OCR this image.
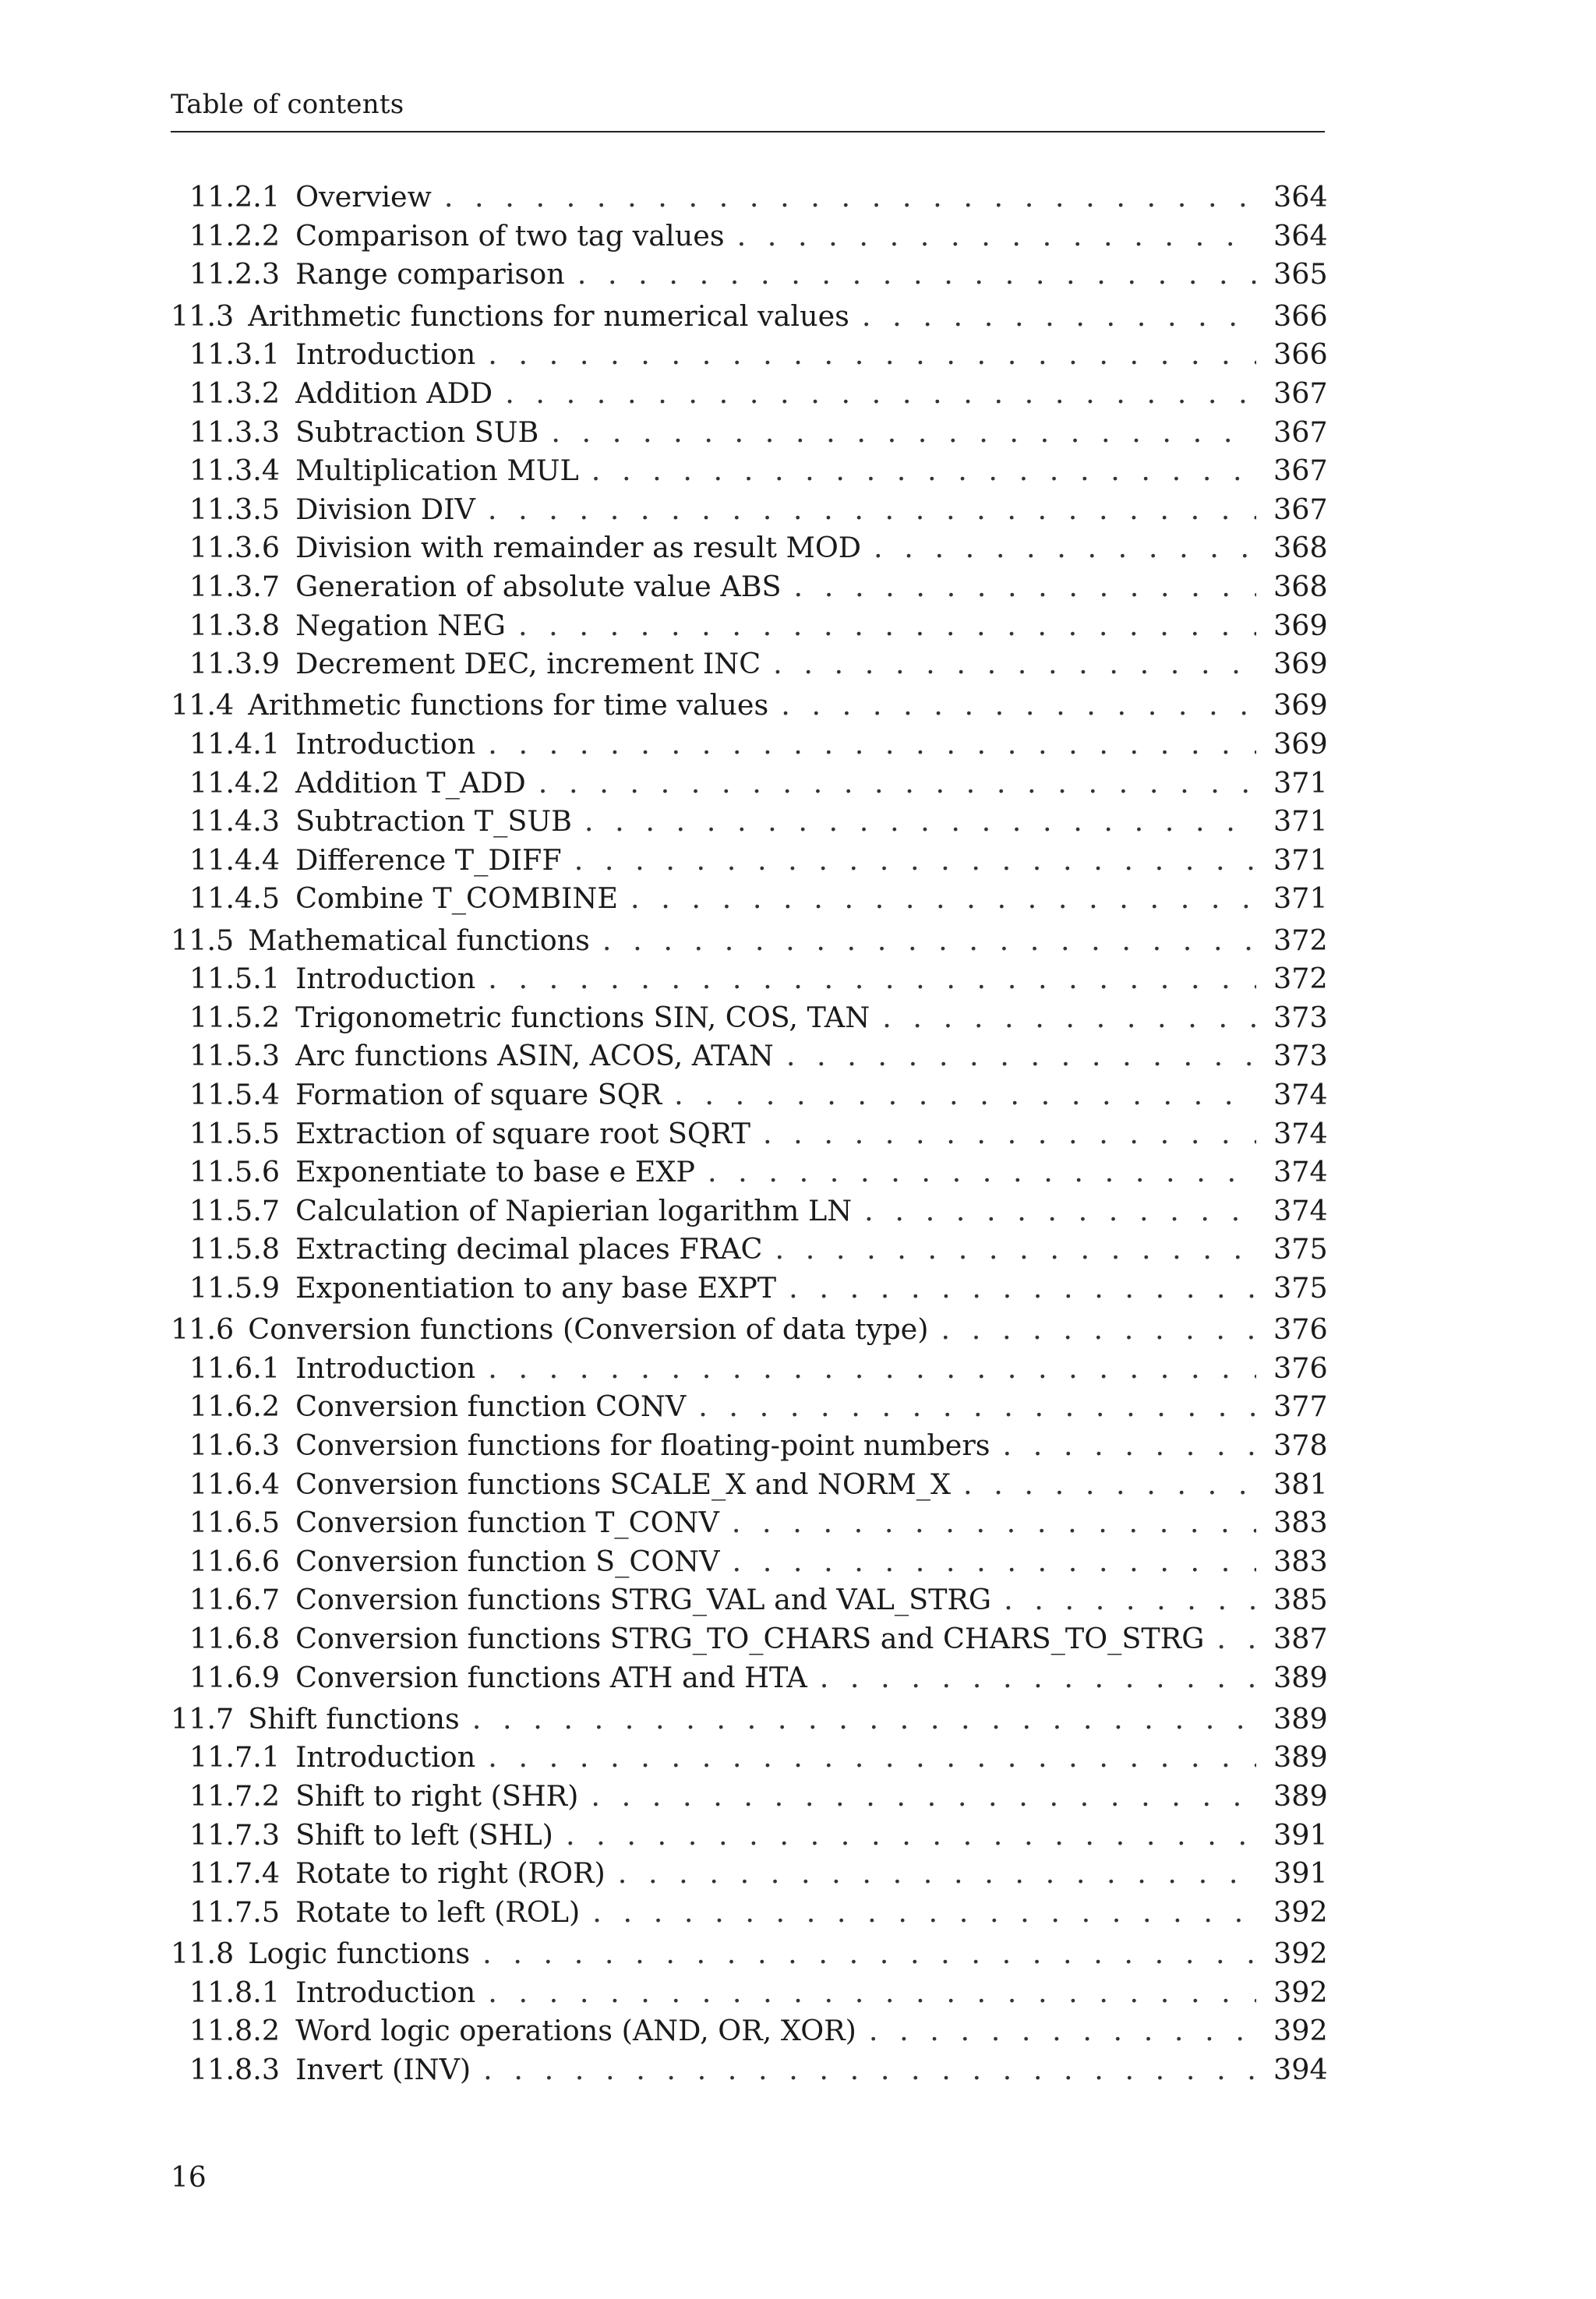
Table of contents
11.2.1 Overview . . .	364
11.2.2 Comparison of two tag values . . .	364
11.2.3 Range comparison . . .	365
11.3 Arithmetic functions for numerical values . . .	366
11.3.1 Introduction . . .	366
11.3.2 Addition ADD . . .	367
11.3.3 Subtraction SUB . . .	367
11.3.4 Multiplication MUL . . .	367
11.3.5 Division DIV . . .	367
11.3.6 Division with remainder as result MOD . . .	368
11.3.7 Generation of absolute value ABS . . .	368
11.3.8 Negation NEG . . .	369
11.3.9 Decrement DEC, increment INC . . .	369
11.4 Arithmetic functions for time values . . .	369
11.4.1 Introduction . . .	369
11.4.2 Addition T_ADD . . .	371
11.4.3 Subtraction T_SUB . . .	371
11.4.4 Difference T_DIFF . . .	371
11.4.5 Combine T_COMBINE . . .	371
11.5 Mathematical functions . . .	372
11.5.1 Introduction . . .	372
11.5.2 Trigonometric functions SIN, COS, TAN . . .	373
11.5.3 Arc functions ASIN, ACOS, ATAN . . .	373
11.5.4 Formation of square SQR . . .	374
11.5.5 Extraction of square root SQRT . . .	374
11.5.6 Exponentiate to base e EXP . . .	374
11.5.7 Calculation of Napierian logarithm LN . . .	374
11.5.8 Extracting decimal places FRAC . . .	375
11.5.9 Exponentiation to any base EXPT . . .	375
11.6 Conversion functions (Conversion of data type) . . .	376
11.6.1 Introduction . . .	376
11.6.2 Conversion function CONV . . .	377
11.6.3 Conversion functions for floating-point numbers . . .	378
11.6.4 Conversion functions SCALE_X and NORM_X . . .	381
11.6.5 Conversion function T_CONV . . .	383
11.6.6 Conversion function S_CONV . . .	383
11.6.7 Conversion functions STRG_VAL and VAL_STRG . . .	385
11.6.8 Conversion functions STRG_TO_CHARS and CHARS_TO_STRG . . . 387
11.6.9 Conversion functions ATH and HTA . . .	389
11.7 Shift functions . . .	389
11.7.1 Introduction . . .	389
11.7.2 Shift to right (SHR) . . .	389
11.7.3 Shift to left (SHL) . . .	391
11.7.4 Rotate to right (ROR) . . .	391
11.7.5 Rotate to left (ROL) . . .	392
11.8 Logic functions . . .	392
11.8.1 Introduction . . .	392
11.8.2 Word logic operations (AND, OR, XOR) . . .	392
11.8.3 Invert (INV) . . .	394
16
